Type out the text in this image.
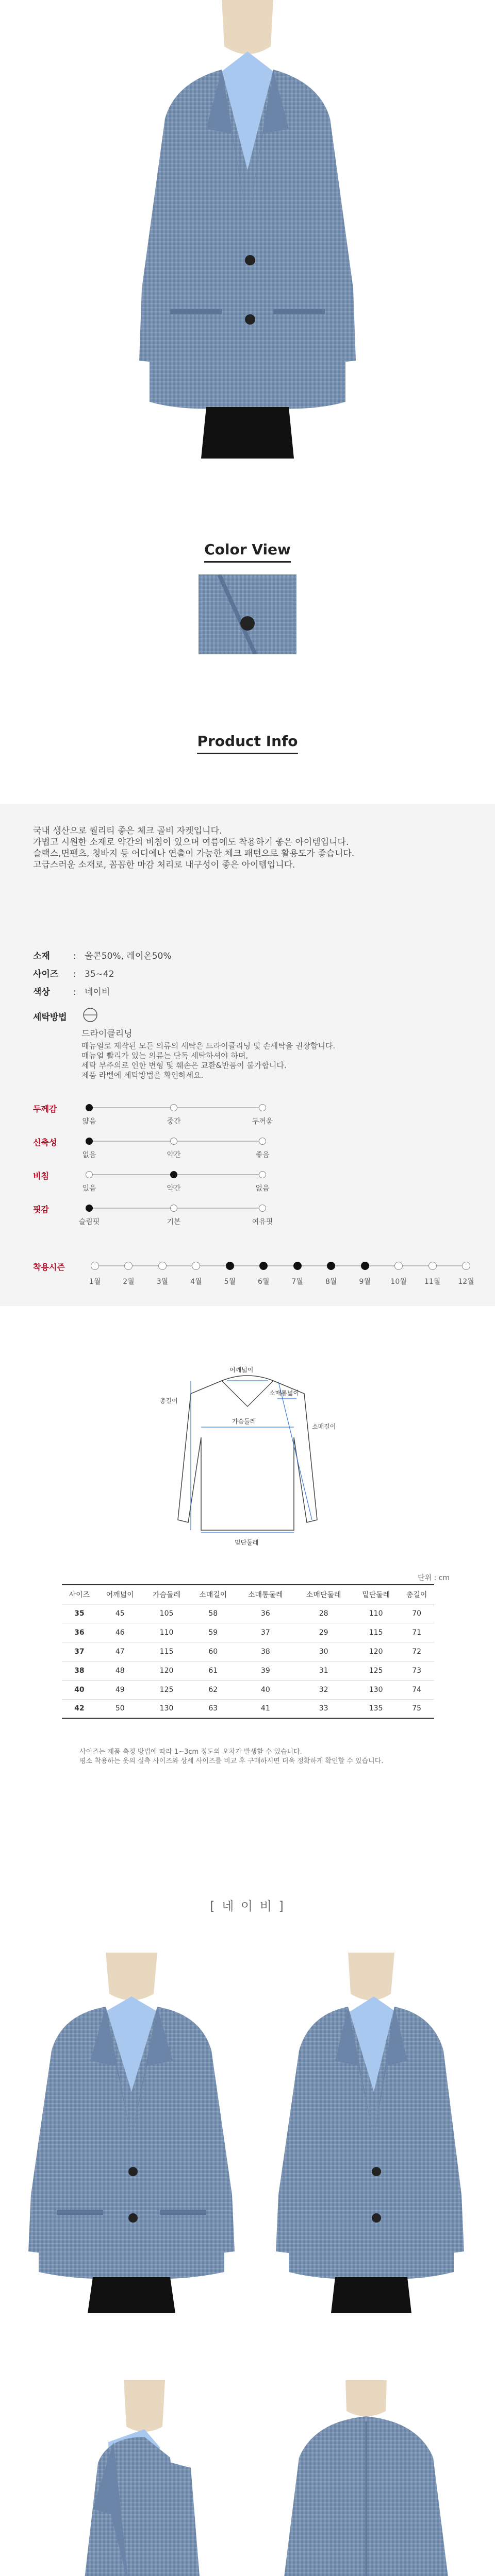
Color View
Product Info

국내 생산으로 퀄리티 좋은 체크 골비 자켓입니다.

가볍고 시원한 소재로 약간의 비침이 있으며 여름에도 착용하기 좋은 아이템입니다.

슬랙스,면팬츠, 청바지 등 어디에나 연출이 가능한 체크 패턴으로 활용도가 좋습니다.

고급스러운 소재로, 꼼꼼한 마감 처리로 내구성이 좋은 아이템입니다.

소재	: 울콘50%, 레이온50%
사이즈 : 35~42
색상	: 네이비
세탁방법
드라이클리닝
매뉴얼로 제작된 모든 의류의 세탁은 드라이클리닝 및 손세탁을 권장합니다.
매뉴얼 빨리가 있는 의류는 단독 세탁하셔야 하며,
세탁 부주의로 인한 변형 및 훼손은 교환&반품이 불가합니다.
제품 라벨에 세탁방법을 확인하세요.
두께감
얇음	중간	두꺼움
신축성
없음	약간	좋음
비침
있음	약간	없음
핏감
슬림핏	기본	여유핏
착용시즌
1월	2월	3월	4월	5월	6월	7월	8월	9월	10월	11월	12월
어깨넓이
소매통넓이
가슴둘레
총길이
소매길이
밑단둘레
단위 : cm
사이즈	어깨넓이	가슴둘레	소매길이	소매통둘레	소매단둘레	밑단둘레	총길이
35	45	105	58	36	28	110	70
36	46	110	59	37	29	115	71
37	47	115	60	38	30	120	72
38	48	120	61	39	31	125	73
40	49	125	62	40	32	130	74
42	50	130	63	41	33	135	75
사이즈는 제품 측정 방법에 따라 1~3cm 정도의 오차가 발생할 수 있습니다.
평소 착용하는 옷의 실측 사이즈와 상세 사이즈를 비교 후 구매하시면 더욱 정확하게 확인할 수 있습니다.
[ 네 이 비 ]
